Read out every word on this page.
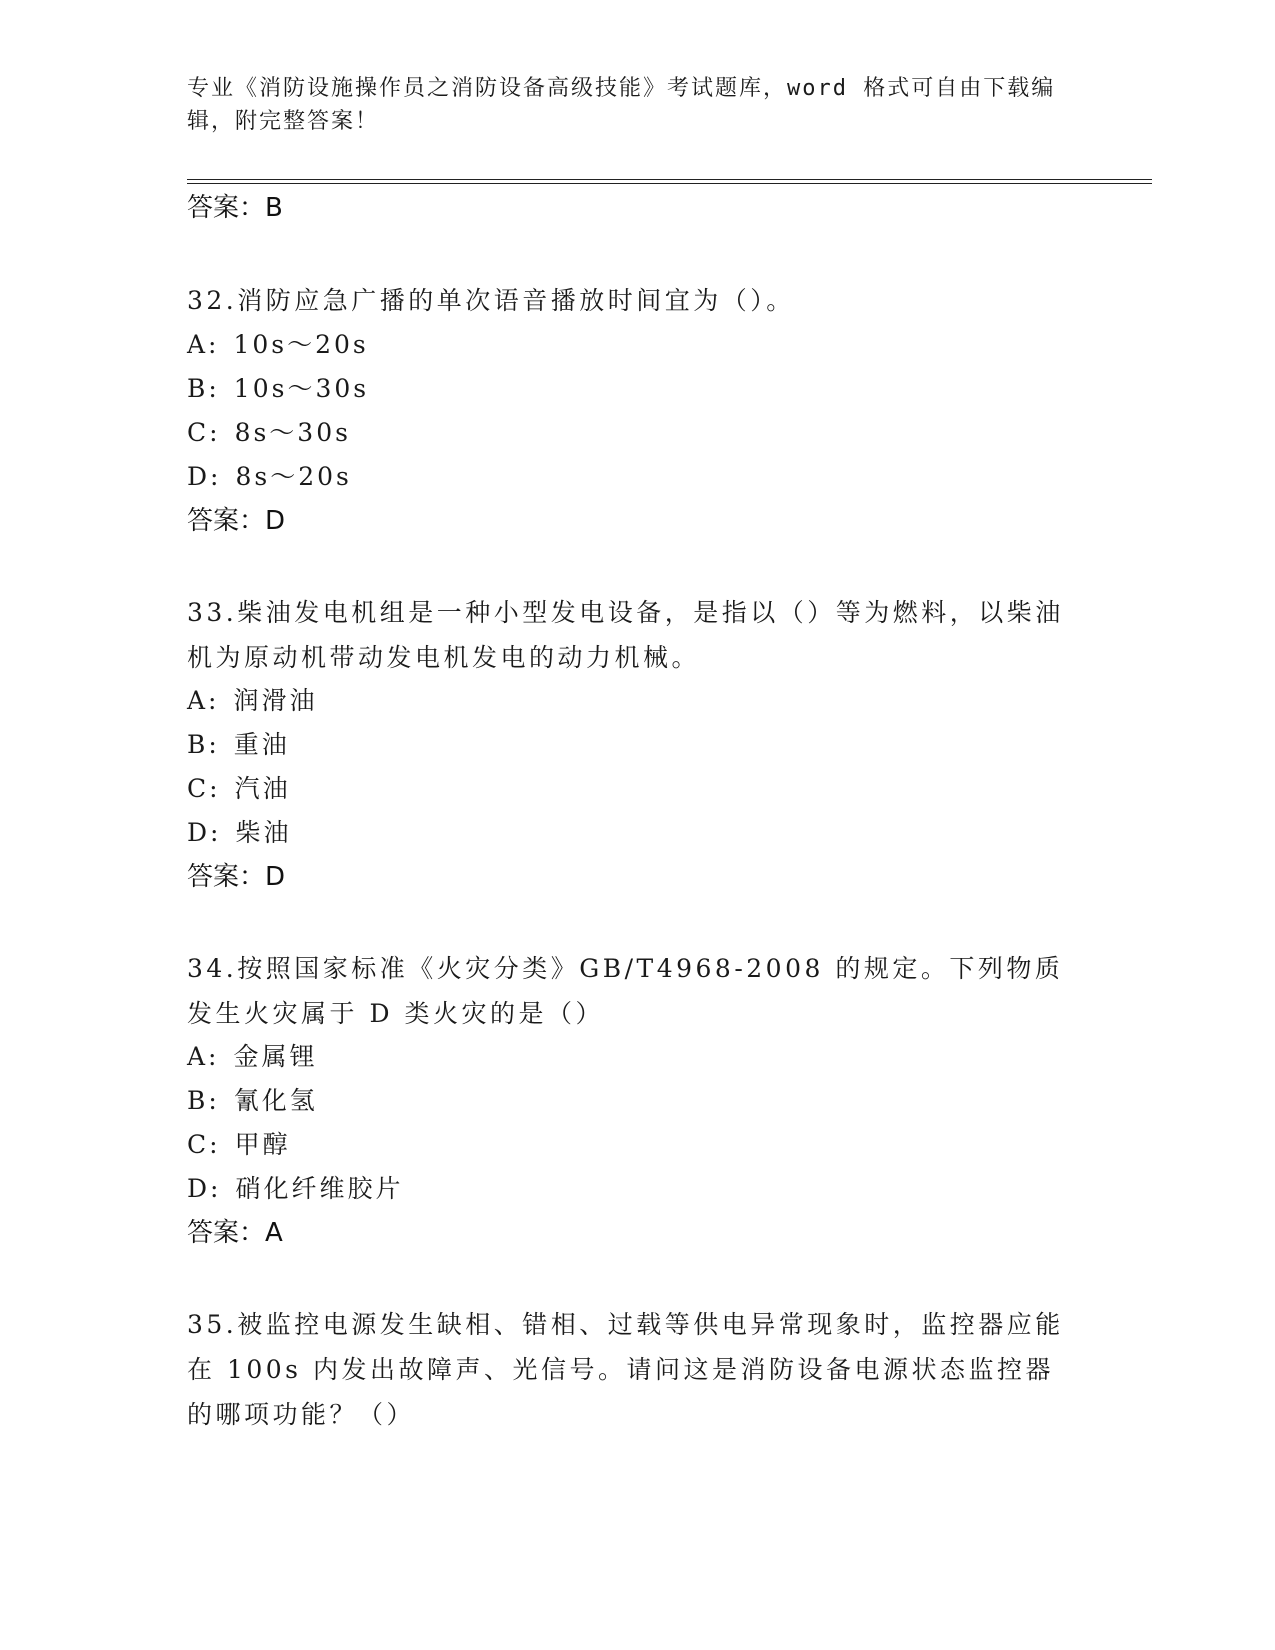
专业《消防设施操作员之消防设备高级技能》考试题库，word 格式可自由下载编
辑，附完整答案！
答案：B
32.消防应急广播的单次语音播放时间宜为（）。
A: 10s～20s
B: 10s～30s
C: 8s～30s
D: 8s～20s
答案：D
33.柴油发电机组是一种小型发电设备，是指以（）等为燃料，以柴油机为原动机带动发电机发电的动力机械。
A: 润滑油
B: 重油
C: 汽油
D: 柴油
答案：D
34.按照国家标准《火灾分类》GB/T4968-2008 的规定。下列物质发生火灾属于 D 类火灾的是（）
A: 金属锂
B: 氰化氢
C: 甲醇
D: 硝化纤维胶片
答案：A
35.被监控电源发生缺相、错相、过载等供电异常现象时，监控器应能在 100s 内发出故障声、光信号。请问这是消防设备电源状态监控器的哪项功能？（）
